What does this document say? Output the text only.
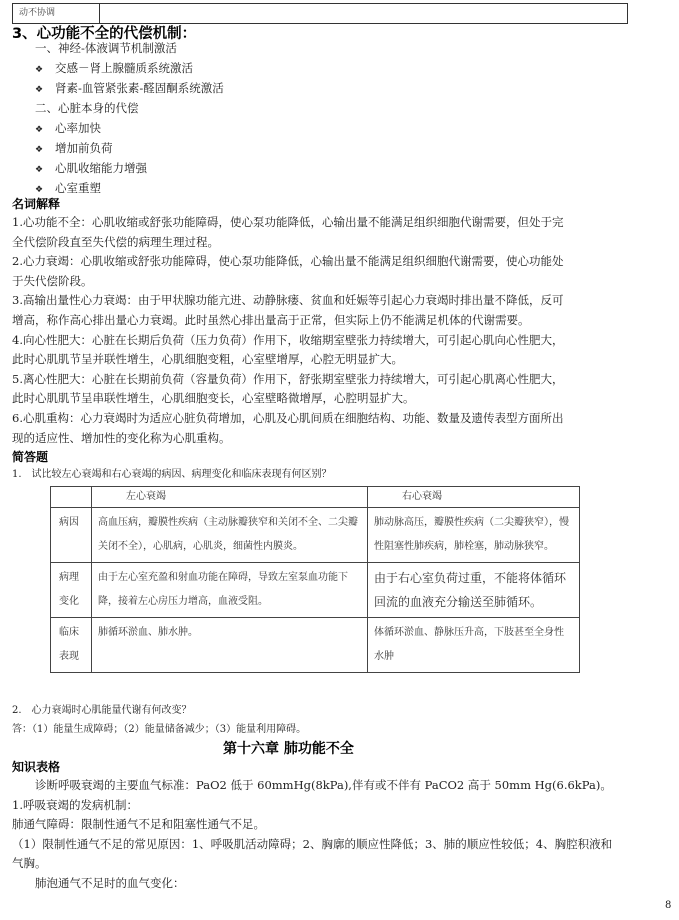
动不协调
3、心功能不全的代偿机制：
一、神经-体液调节机制激活
❖ 交感－肾上腺髓质系统激活
❖ 肾素-血管紧张素-醛固酮系统激活
二、心脏本身的代偿
❖ 心率加快
❖ 增加前负荷
❖ 心肌收缩能力增强
❖ 心室重塑
名词解释
1.心功能不全：心肌收缩或舒张功能障碍，使心泵功能降低，心输出量不能满足组织细胞代谢需要，但处于完
全代偿阶段直至失代偿的病理生理过程。
2.心力衰竭：心肌收缩或舒张功能障碍，使心泵功能降低，心输出量不能满足组织细胞代谢需要，使心功能处
于失代偿阶段。
3.高输出量性心力衰竭：由于甲状腺功能亢进、动静脉瘘、贫血和妊娠等引起心力衰竭时排出量不降低，反可
增高，称作高心排出量心力衰竭。此时虽然心排出量高于正常，但实际上仍不能满足机体的代谢需要。
4.向心性肥大：心脏在长期后负荷（压力负荷）作用下，收缩期室壁张力持续增大，可引起心肌向心性肥大，
此时心肌肌节呈并联性增生，心肌细胞变粗，心室壁增厚，心腔无明显扩大。
5.离心性肥大：心脏在长期前负荷（容量负荷）作用下，舒张期室壁张力持续增大，可引起心肌离心性肥大，
此时心肌肌节呈串联性增生，心肌细胞变长，心室壁略微增厚，心腔明显扩大。
6.心肌重构：心力衰竭时为适应心脏负荷增加，心肌及心肌间质在细胞结构、功能、数量及遗传表型方面所出
现的适应性、增加性的变化称为心肌重构。
简答题
1.　试比较左心衰竭和右心衰竭的病因、病理变化和临床表现有何区别？
	左心衰竭	右心衰竭
病因	高血压病，瓣膜性疾病（主动脉瓣狭窄和关闭不全、二尖瓣关闭不全），心肌病，心肌炎，细菌性内膜炎。	肺动脉高压，瓣膜性疾病（二尖瓣狭窄），慢性阻塞性肺疾病，肺栓塞，肺动脉狭窄。
病理变化	由于左心室充盈和射血功能在障碍，导致左室泵血功能下降，接着左心房压力增高，血液受阻。	由于右心室负荷过重，不能将体循环回流的血液充分输送至肺循环。
临床表现	肺循环淤血、肺水肿。	体循环淤血、静脉压升高，下肢甚至全身性水肿
2.　心力衰竭时心肌能量代谢有何改变？
答：（1）能量生成障碍；（2）能量储备减少；（3）能量利用障碍。
第十六章 肺功能不全
知识表格
　　诊断呼吸衰竭的主要血气标准：PaO2 低于 60mmHg(8kPa),伴有或不伴有 PaCO2 高于 50mm Hg(6.6kPa)。
1.呼吸衰竭的发病机制：
肺通气障碍：限制性通气不足和阻塞性通气不足。
（1）限制性通气不足的常见原因：1、呼吸肌活动障碍；2、胸廓的顺应性降低；3、肺的顺应性较低；4、胸腔积液和
气胸。
　　肺泡通气不足时的血气变化：
8
